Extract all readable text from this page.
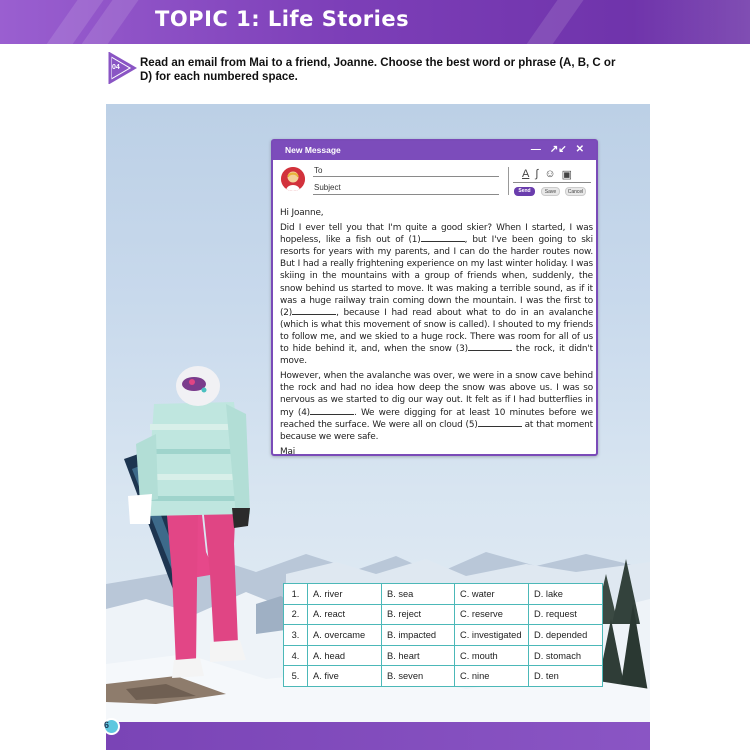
TOPIC 1: Life Stories
04 Read an email from Mai to a friend, Joanne. Choose the best word or phrase (A, B, C or D) for each numbered space.
New Message	— ↗↙ ✕
To
Subject
A ∫ ☺ ▣
Send	Save	Cancel

Hi Joanne,

Did I ever tell you that I'm quite a good skier? When I started, I was hopeless, like a fish out of (1)	, but I've been going to ski resorts for years with my parents, and I can do the harder routes now. But I had a really frightening experience on my last winter holiday. I was skiing in the mountains with a group of friends when, suddenly, the snow behind us started to move. It was making a terrible sound, as if it was a huge railway train coming down the mountain. I was the first to (2)	, because I had read about what to do in an avalanche (which is what this movement of snow is called). I shouted to my friends to follow me, and we skied to a huge rock. There was room for all of us to hide behind it, and, when the snow (3)	the rock, it didn't move.

However, when the avalanche was over, we were in a snow cave behind the rock and had no idea how deep the snow was above us. I was so nervous as we started to dig our way out. It felt as if I had butterflies in my (4)	. We were digging for at least 10 minutes before we reached the surface. We were all on cloud (5)	at that moment because we were safe.

Mai

1.	A. river	B. sea	C. water	D. lake
2.	A. react	B. reject	C. reserve	D. request
3.	A. overcame	B. impacted	C. investigated	D. depended
4.	A. head	B. heart	C. mouth	D. stomach
5.	A. five	B. seven	C. nine	D. ten
6
